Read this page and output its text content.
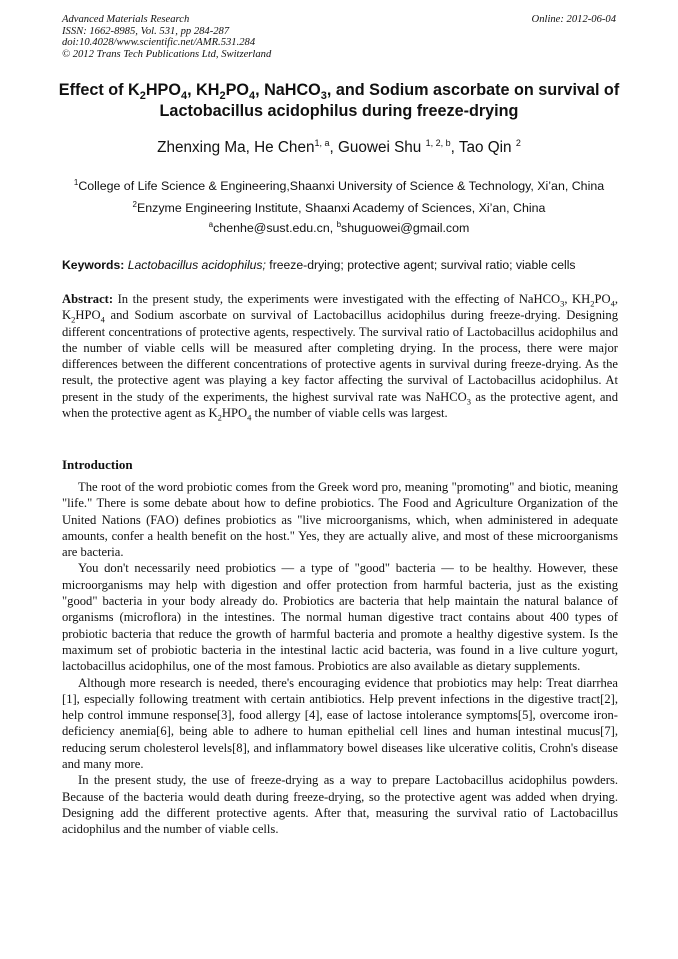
Advanced Materials Research
ISSN: 1662-8985, Vol. 531, pp 284-287
doi:10.4028/www.scientific.net/AMR.531.284
© 2012 Trans Tech Publications Ltd, Switzerland
Online: 2012-06-04
Effect of $K_2HPO_4$, $KH_2PO_4$, NaHCO$_3$, and Sodium ascorbate on survival of
Lactobacillus acidophilus during freeze-drying
Zhenxing Ma, He Chen$^{1, a}$, Guowei Shu $^{1, 2, b}$, Tao Qin $^2$
$^1$College of Life Science & Engineering,Shaanxi University of Science & Technology, Xi’an, China
$^2$Enzyme Engineering Institute, Shaanxi Academy of Sciences, Xi’an, China
$^a$chenhe@sust.edu.cn, $^b$shuguowei@gmail.com
Keywords: Lactobacillus acidophilus; freeze-drying; protective agent; survival ratio; viable cells
Abstract: In the present study, the experiments were investigated with the effecting of NaHCO$_3$, $KH_2PO_4$, $K_2HPO_4$ and Sodium ascorbate on survival of Lactobacillus acidophilus during freeze-drying. Designing different concentrations of protective agents, respectively. The survival ratio of Lactobacillus acidophilus and the number of viable cells will be measured after completing drying. In the process, there were major differences between the different concentrations of protective agents in survival during freeze-drying. As the result, the protective agent was playing a key factor affecting the survival of Lactobacillus acidophilus. At present in the study of the experiments, the highest survival rate was NaHCO$_3$ as the protective agent, and when the protective agent as $K_2HPO_4$ the number of viable cells was largest.
Introduction

The root of the word probiotic comes from the Greek word pro, meaning "promoting" and biotic, meaning "life." There is some debate about how to define probiotics. The Food and Agriculture Organization of the United Nations (FAO) defines probiotics as "live microorganisms, which, when administered in adequate amounts, confer a health benefit on the host." Yes, they are actually alive, and most of these microorganisms are bacteria.

You don't necessarily need probiotics — a type of "good" bacteria — to be healthy. However, these microorganisms may help with digestion and offer protection from harmful bacteria, just as the existing "good" bacteria in your body already do. Probiotics are bacteria that help maintain the natural balance of organisms (microflora) in the intestines. The normal human digestive tract contains about 400 types of probiotic bacteria that reduce the growth of harmful bacteria and promote a healthy digestive system. Is the maximum set of probiotic bacteria in the intestinal lactic acid bacteria, was found in a live culture yogurt, lactobacillus acidophilus, one of the most famous. Probiotics are also available as dietary supplements.

Although more research is needed, there's encouraging evidence that probiotics may help: Treat diarrhea [1], especially following treatment with certain antibiotics. Help prevent infections in the digestive tract[2], help control immune response[3], food allergy [4], ease of lactose intolerance symptoms[5], overcome iron-deficiency anemia[6], being able to adhere to human epithelial cell lines and human intestinal mucus[7], reducing serum cholesterol levels[8], and inflammatory bowel diseases like ulcerative colitis, Crohn's disease and many more.

In the present study, the use of freeze-drying as a way to prepare Lactobacillus acidophilus powders. Because of the bacteria would death during freeze-drying, so the protective agent was added when drying. Designing add the different protective agents. After that, measuring the survival ratio of Lactobacillus acidophilus and the number of viable cells.
